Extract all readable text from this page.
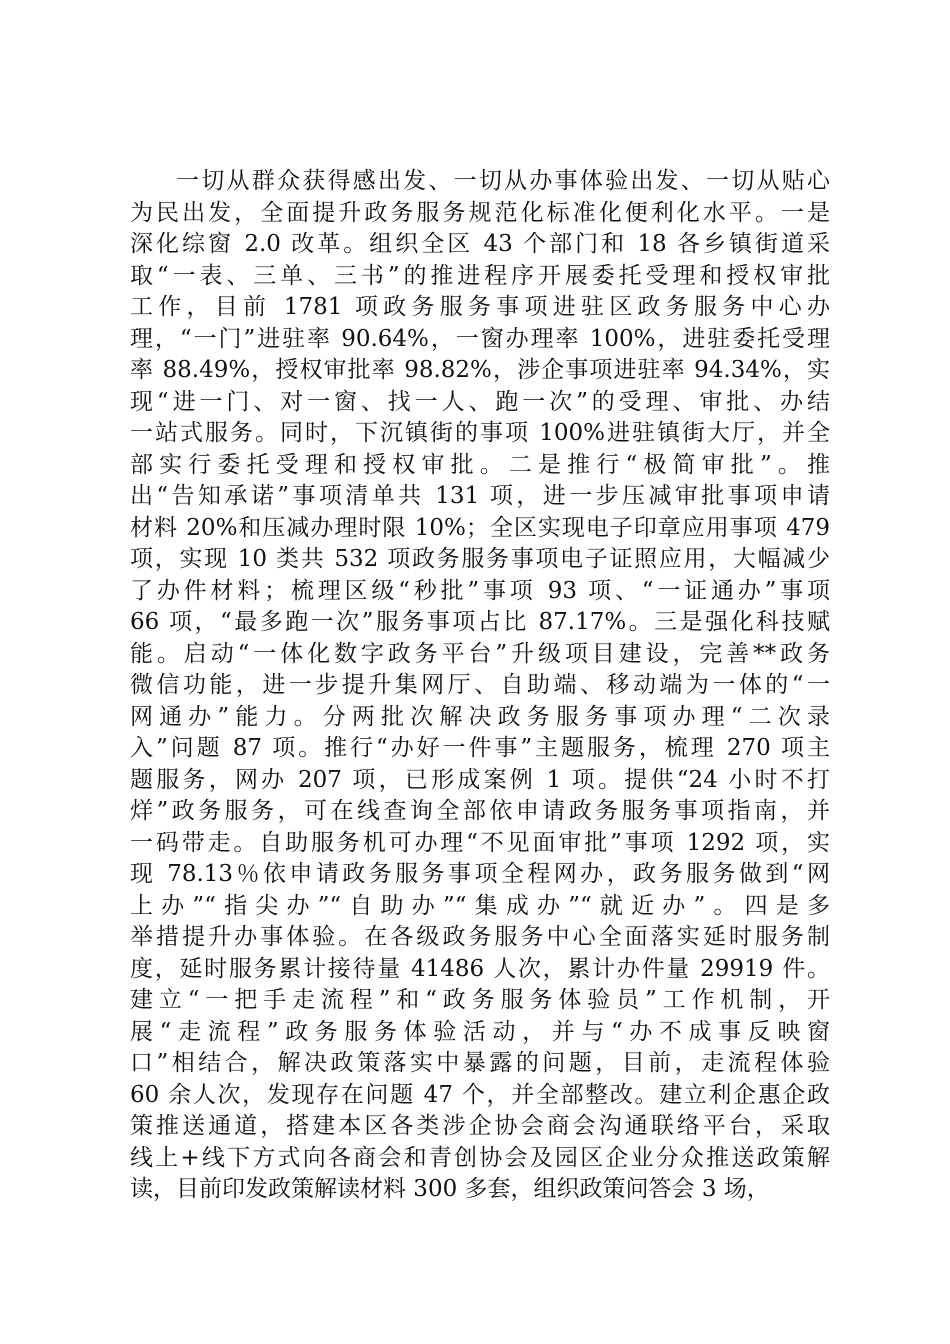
一切从群众获得感出发、一切从办事体验出发、一切从贴心
为民出发，全面提升政务服务规范化标准化便利化水平。一是
深化综窗 2.0 改革。组织全区 43 个部门和 18 各乡镇街道采
取“一表、三单、三书”的推进程序开展委托受理和授权审批
工作，目前 1781 项政务服务事项进驻区政务服务中心办
理，“一门”进驻率 90.64%，一窗办理率 100%，进驻委托受理
率 88.49%，授权审批率 98.82%，涉企事项进驻率 94.34%，实
现“进一门、对一窗、找一人、跑一次”的受理、审批、办结
一站式服务。同时，下沉镇街的事项 100%进驻镇街大厅，并全
部实行委托受理和授权审批。二是推行“极简审批”。推
出“告知承诺”事项清单共 131 项，进一步压减审批事项申请
材料 20%和压减办理时限 10%；全区实现电子印章应用事项 479
项，实现 10 类共 532 项政务服务事项电子证照应用，大幅减少
了办件材料；梳理区级“秒批”事项 93 项、“一证通办”事项
66 项，“最多跑一次”服务事项占比 87.17%。三是强化科技赋
能。启动“一体化数字政务平台”升级项目建设，完善**政务
微信功能，进一步提升集网厅、自助端、移动端为一体的“一
网通办”能力。分两批次解决政务服务事项办理“二次录
入”问题 87 项。推行“办好一件事”主题服务，梳理 270 项主
题服务，网办 207 项，已形成案例 1 项。提供“24 小时不打
烊”政务服务，可在线查询全部依申请政务服务事项指南，并
一码带走。自助服务机可办理“不见面审批”事项 1292 项，实
现 78.13％依申请政务服务事项全程网办，政务服务做到“网
上办”“指尖办”“自助办”“集成办”“就近办”。四是多
举措提升办事体验。在各级政务服务中心全面落实延时服务制
度，延时服务累计接待量 41486 人次，累计办件量 29919 件。
建立“一把手走流程”和“政务服务体验员”工作机制，开
展“走流程”政务服务体验活动，并与“办不成事反映窗
口”相结合，解决政策落实中暴露的问题，目前，走流程体验
60 余人次，发现存在问题 47 个，并全部整改。建立利企惠企政
策推送通道，搭建本区各类涉企协会商会沟通联络平台，采取
线上+线下方式向各商会和青创协会及园区企业分众推送政策解
读，目前印发政策解读材料 300 多套，组织政策问答会 3 场，
